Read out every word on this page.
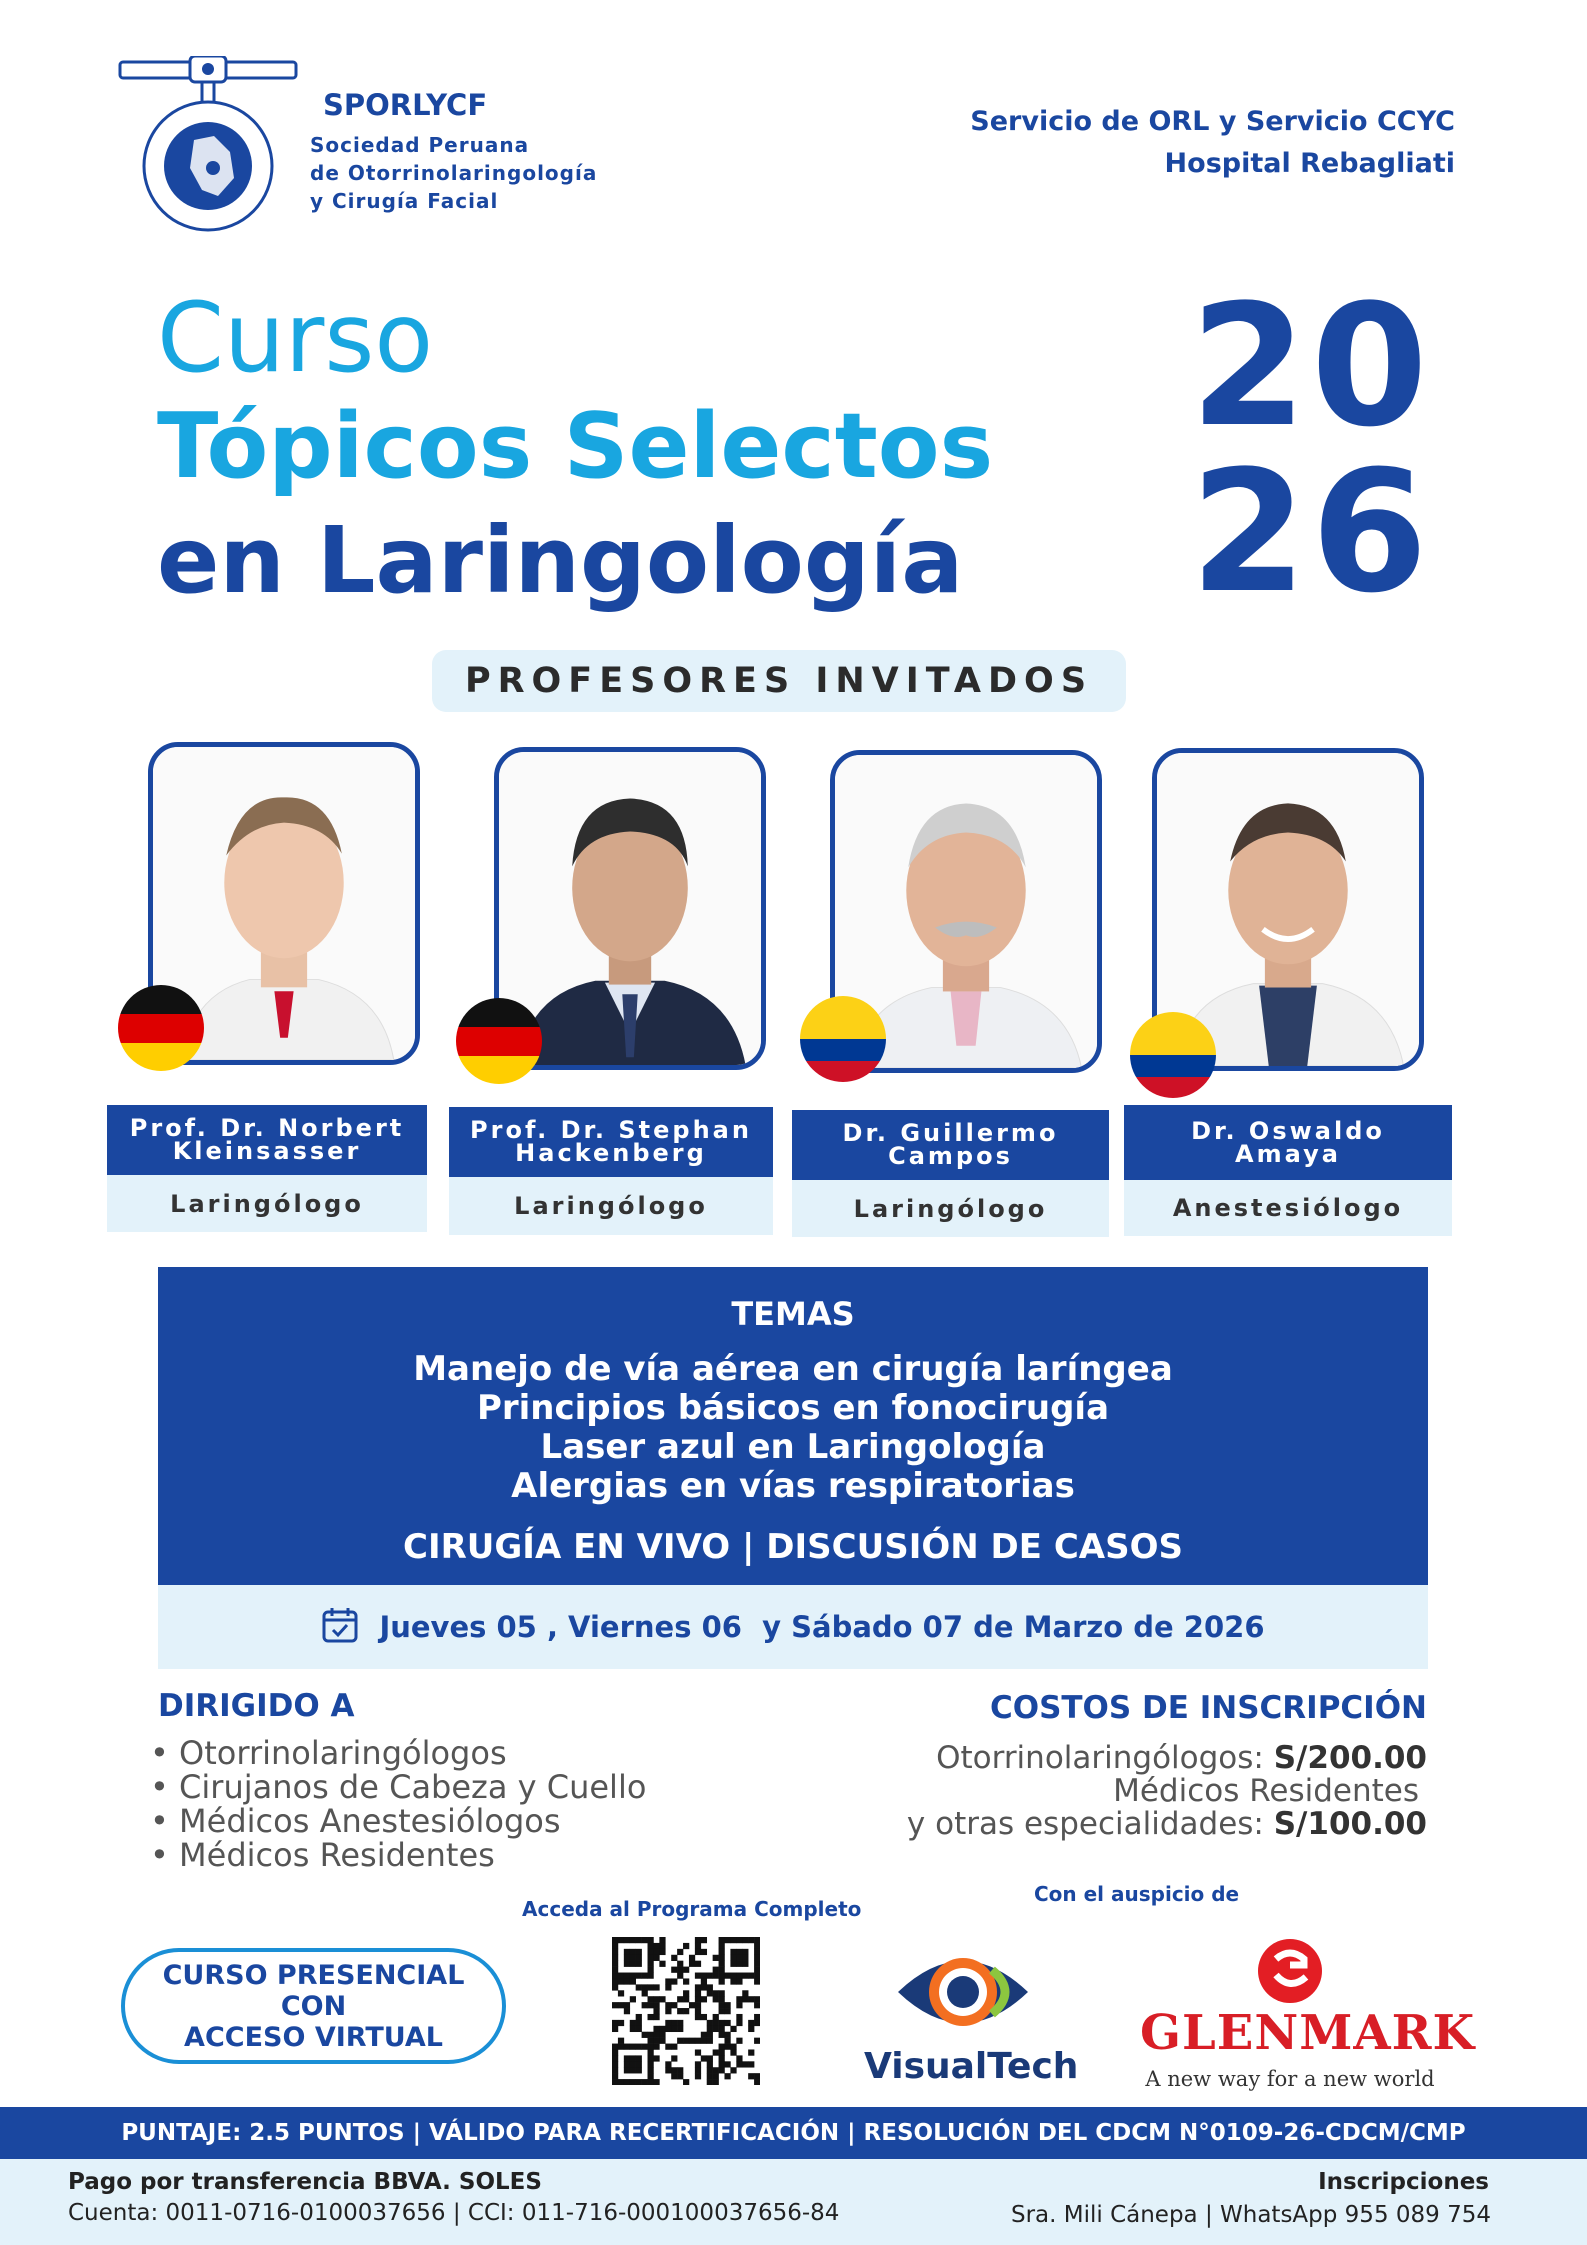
SPORLYCF
Sociedad Peruana
de Otorrinolaringología
y Cirugía Facial
Servicio de ORL y Servicio CCYC
Hospital Rebagliati
Curso
Tópicos Selectos
en Laringología
20
26
PROFESORES INVITADOS
Prof. Dr. Norbert
Kleinsasser
Laringólogo
Prof. Dr. Stephan
Hackenberg
Laringólogo
Dr. Guillermo
Campos
Laringólogo
Dr. Oswaldo
Amaya
Anestesiólogo
TEMAS
Manejo de vía aérea en cirugía laríngea
Principios básicos en fonocirugía
Laser azul en Laringología
Alergias en vías respiratorias
CIRUGÍA EN VIVO | DISCUSIÓN DE CASOS
Jueves 05 , Viernes 06  y Sábado 07 de Marzo de 2026
DIRIGIDO A
• Otorrinolaringólogos
• Cirujanos de Cabeza y Cuello
• Médicos Anestesiólogos
• Médicos Residentes
COSTOS DE INSCRIPCIÓN
Otorrinolaringólogos: S/200.00
Médicos Residentes
y otras especialidades: S/100.00
Acceda al Programa Completo
Con el auspicio de
CURSO PRESENCIAL
CON
ACCESO VIRTUAL
VisualTech
GLENMARK
A new way for a new world
PUNTAJE: 2.5 PUNTOS | VÁLIDO PARA RECERTIFICACIÓN | RESOLUCIÓN DEL CDCM N°0109-26-CDCM/CMP
Pago por transferencia BBVA. SOLES
Cuenta: 0011-0716-0100037656 | CCI: 011-716-000100037656-84
Inscripciones
Sra. Mili Cánepa | WhatsApp 955 089 754
